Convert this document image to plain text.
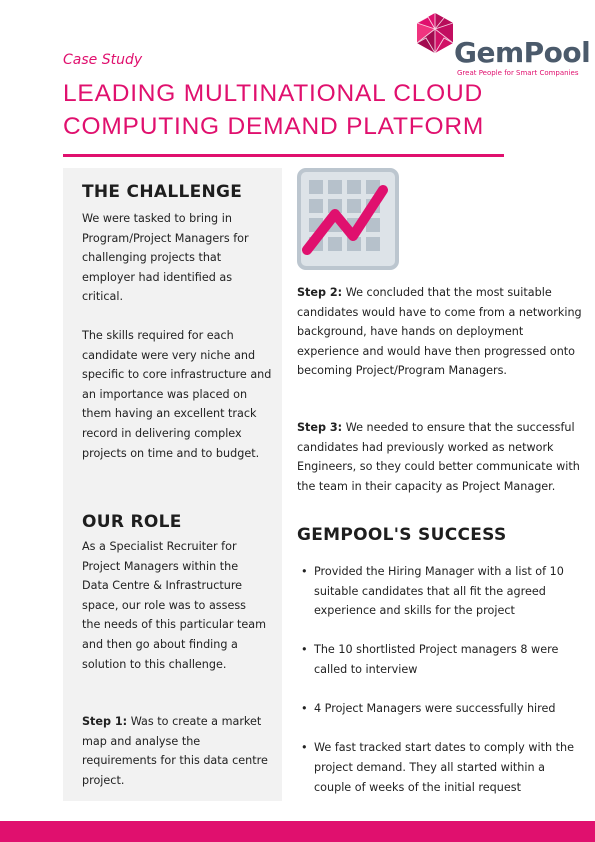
Case Study

LEADING MULTINATIONAL CLOUD COMPUTING DEMAND PLATFORM
GemPool
Great People for Smart Companies
THE CHALLENGE

We were tasked to bring in Program/Project Managers for challenging projects that employer had identified as critical.

The skills required for each candidate were very niche and specific to core infrastructure and an importance was placed on them having an excellent track record in delivering complex projects on time and to budget.

OUR ROLE

As a Specialist Recruiter for Project Managers within the Data Centre & Infrastructure space, our role was to assess the needs of this particular team and then go about finding a solution to this challenge.

Step 1: Was to create a market map and analyse the requirements for this data centre project.

Step 2: We concluded that the most suitable candidates would have to come from a networking background, have hands on deployment experience and would have then progressed onto becoming Project/Program Managers.

Step 3: We needed to ensure that the successful candidates had previously worked as network Engineers, so they could better communicate with the team in their capacity as Project Manager.

GEMPOOL'S SUCCESS
• Provided the Hiring Manager with a list of 10 suitable candidates that all fit the agreed experience and skills for the project
• The 10 shortlisted Project managers 8 were called to interview
• 4 Project Managers were successfully hired
• We fast tracked start dates to comply with the project demand. They all started within a couple of weeks of the initial request
